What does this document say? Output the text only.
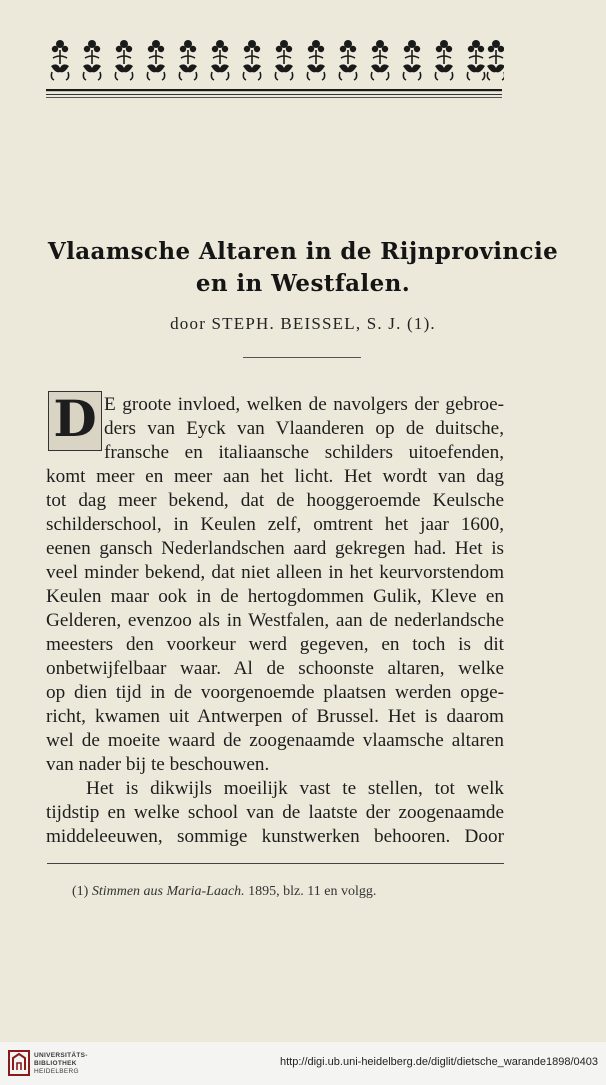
Vlaamsche Altaren in de Rijnprovincie
en in Westfalen.
door STEPH. BEISSEL, S. J. (1).
D E groote invloed, welken de navolgers der gebroe-
ders van Eyck van Vlaanderen op de duitsche,
fransche en italiaansche schilders uitoefenden,
komt meer en meer aan het licht. Het wordt van dag
tot dag meer bekend, dat de hooggeroemde Keulsche
schilderschool, in Keulen zelf, omtrent het jaar 1600,
eenen gansch Nederlandschen aard gekregen had. Het is
veel minder bekend, dat niet alleen in het keurvorstendom
Keulen maar ook in de hertogdommen Gulik, Kleve en
Gelderen, evenzoo als in Westfalen, aan de nederlandsche
meesters den voorkeur werd gegeven, en toch is dit
onbetwijfelbaar waar. Al de schoonste altaren, welke
op dien tijd in de voorgenoemde plaatsen werden opge-
richt, kwamen uit Antwerpen of Brussel. Het is daarom
wel de moeite waard de zoogenaamde vlaamsche altaren
van nader bij te beschouwen.
Het is dikwijls moeilijk vast te stellen, tot welk
tijdstip en welke school van de laatste der zoogenaamde
middeleeuwen, sommige kunstwerken behooren. Door
(1) Stimmen aus Maria-Laach. 1895, blz. 11 en volgg.
UNIVERSITÄTS-
BIBLIOTHEK
HEIDELBERG
http://digi.ub.uni-heidelberg.de/diglit/dietsche_warande1898/0403
